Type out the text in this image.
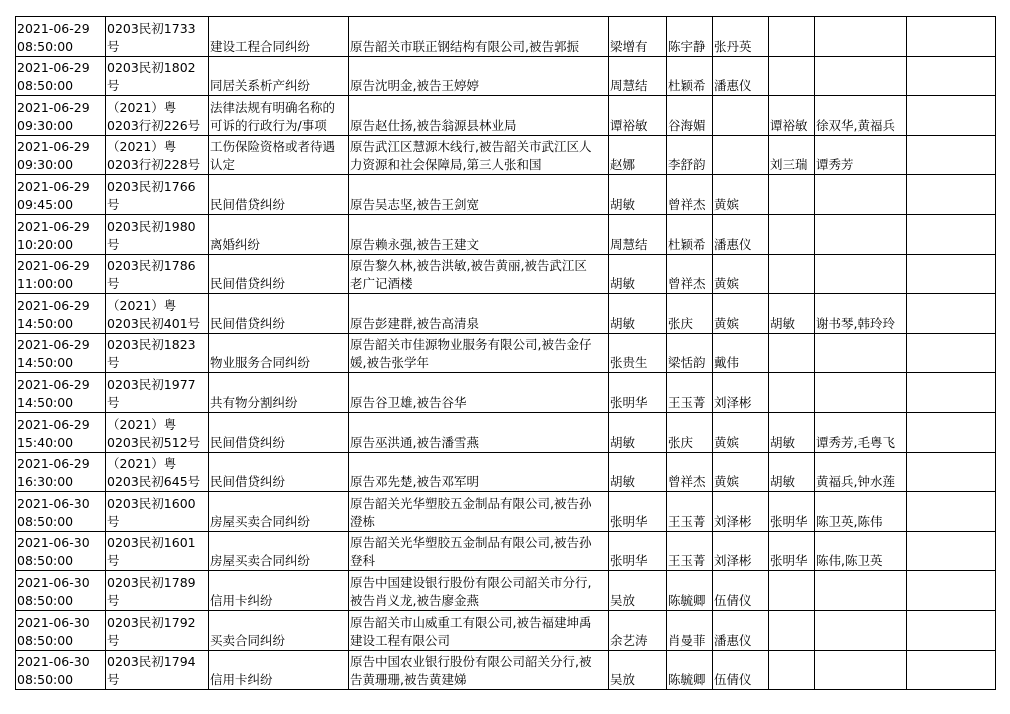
2021-06-29
08:50:00	0203民初1733
号	建设工程合同纠纷	原告韶关市联正钢结构有限公司,被告郭振	梁增有	陈宇静	张丹英			

2021-06-29
08:50:00	0203民初1802
号	同居关系析产纠纷	原告沈明金,被告王婷婷	周慧结	杜颖希	潘惠仪			

2021-06-29
09:30:00	（2021）粤
0203行初226号	法律法规有明确名称的
可诉的行政行为/事项	原告赵仕扬,被告翁源县林业局	谭裕敏	谷海媚		谭裕敏	徐双华,黄福兵	

2021-06-29
09:30:00	（2021）粤
0203行初228号	工伤保险资格或者待遇
认定	原告武江区慧源木线行,被告韶关市武江区人
力资源和社会保障局,第三人张和国	赵娜	李舒韵		刘三瑞	谭秀芳	

2021-06-29
09:45:00	0203民初1766
号	民间借贷纠纷	原告吴志坚,被告王剑宽	胡敏	曾祥杰	黄嫔			

2021-06-29
10:20:00	0203民初1980
号	离婚纠纷	原告赖永强,被告王建文	周慧结	杜颖希	潘惠仪			

2021-06-29
11:00:00	0203民初1786
号	民间借贷纠纷	原告黎久林,被告洪敏,被告黄丽,被告武江区
老广记酒楼	胡敏	曾祥杰	黄嫔			

2021-06-29
14:50:00	（2021）粤
0203民初401号	民间借贷纠纷	原告彭建群,被告高清泉	胡敏	张庆	黄嫔	胡敏	谢书琴,韩玲玲	

2021-06-29
14:50:00	0203民初1823
号	物业服务合同纠纷	原告韶关市佳源物业服务有限公司,被告金仔
媛,被告张学年	张贵生	梁恬韵	戴伟			

2021-06-29
14:50:00	0203民初1977
号	共有物分割纠纷	原告谷卫雄,被告谷华	张明华	王玉菁	刘泽彬			

2021-06-29
15:40:00	（2021）粤
0203民初512号	民间借贷纠纷	原告巫洪通,被告潘雪燕	胡敏	张庆	黄嫔	胡敏	谭秀芳,毛粤飞	

2021-06-29
16:30:00	（2021）粤
0203民初645号	民间借贷纠纷	原告邓先楚,被告邓军明	胡敏	曾祥杰	黄嫔	胡敏	黄福兵,钟水莲	

2021-06-30
08:50:00	0203民初1600
号	房屋买卖合同纠纷	原告韶关光华塑胶五金制品有限公司,被告孙
澄栋	张明华	王玉菁	刘泽彬	张明华	陈卫英,陈伟	

2021-06-30
08:50:00	0203民初1601
号	房屋买卖合同纠纷	原告韶关光华塑胶五金制品有限公司,被告孙
登科	张明华	王玉菁	刘泽彬	张明华	陈伟,陈卫英	

2021-06-30
08:50:00	0203民初1789
号	信用卡纠纷	原告中国建设银行股份有限公司韶关市分行,
被告肖义龙,被告廖金燕	吴放	陈毓卿	伍倩仪			

2021-06-30
08:50:00	0203民初1792
号	买卖合同纠纷	原告韶关市山威重工有限公司,被告福建坤禹
建设工程有限公司	余艺涛	肖曼菲	潘惠仪			

2021-06-30
08:50:00	0203民初1794
号	信用卡纠纷	原告中国农业银行股份有限公司韶关分行,被
告黄珊珊,被告黄建娣	吴放	陈毓卿	伍倩仪			
